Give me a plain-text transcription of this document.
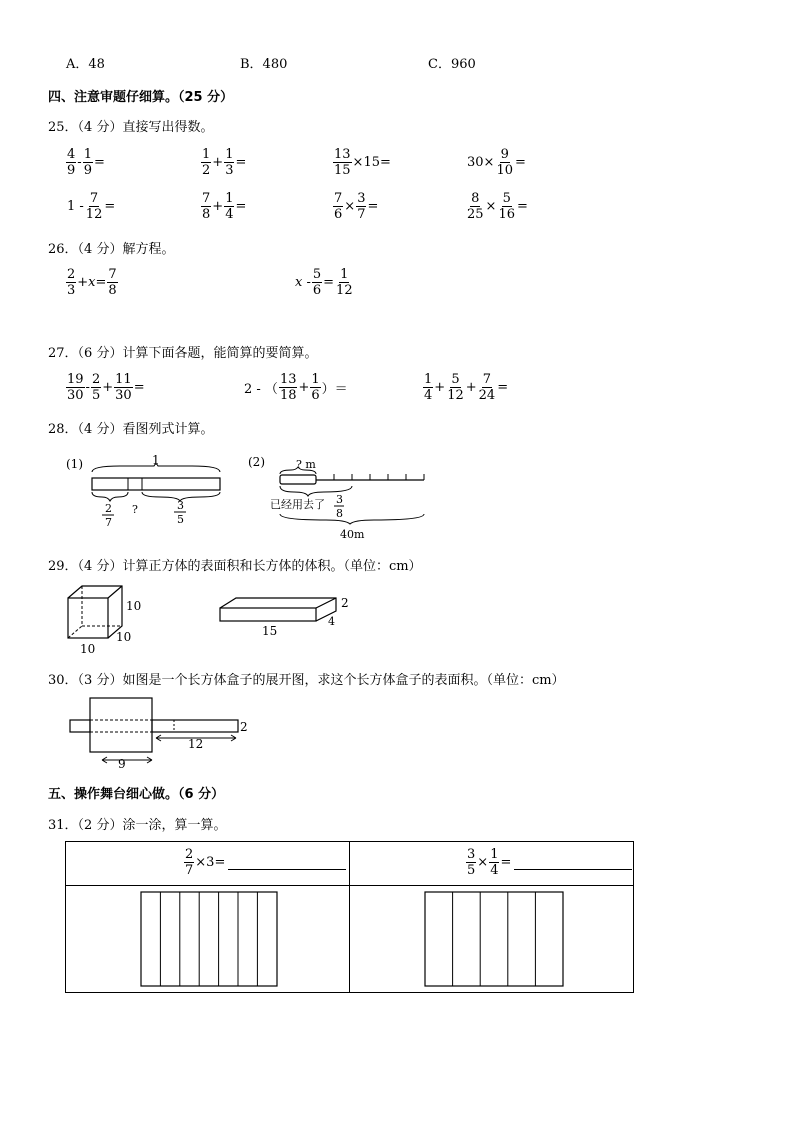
A．48	B．480	C．960
四、注意审题仔细算。（25 分）
25．（4 分）直接写出得数。
$\frac{4}{9} - \frac{1}{9}$ =	$\frac{1}{2} + \frac{1}{3}$ =	$\frac{13}{15} \times 15=$	$30\times \frac{9}{10}$ =
$1 - \frac{7}{12}$ =	$\frac{7}{8} + \frac{1}{4}$ =	$\frac{7}{6} \times \frac{3}{7}$ =	$\frac{8}{25} \times \frac{5}{16}$ =
26．（4 分）解方程。
$\frac{2}{3} +x= \frac{7}{8}$	$x - \frac{5}{6} = \frac{1}{12}$
27．（6 分）计算下面各题，能简算的要简算。
$\frac{19}{30} - \frac{2}{5} + \frac{11}{30}$ =	2 - （ $\frac{13}{18} + \frac{1}{6}$ ）＝	$\frac{1}{4} + \frac{5}{12} + \frac{7}{24}$ =
28．（4 分）看图列式计算。
(1)	1
2
7
?	3
5
(2)	? m
已经用去了 3
8
40m
29．（4 分）计算正方体的表面积和长方体的体积。（单位：cm）
10
10
10
2
4
15
30．（3 分）如图是一个长方体盒子的展开图，求这个长方体盒子的表面积。（单位：cm）
2
12
9
五、操作舞台细心做。（6 分）
31．（2 分）涂一涂，算一算。
$\frac{2}{7} \times 3=$	$\frac{3}{5} \times \frac{1}{4}$ =
